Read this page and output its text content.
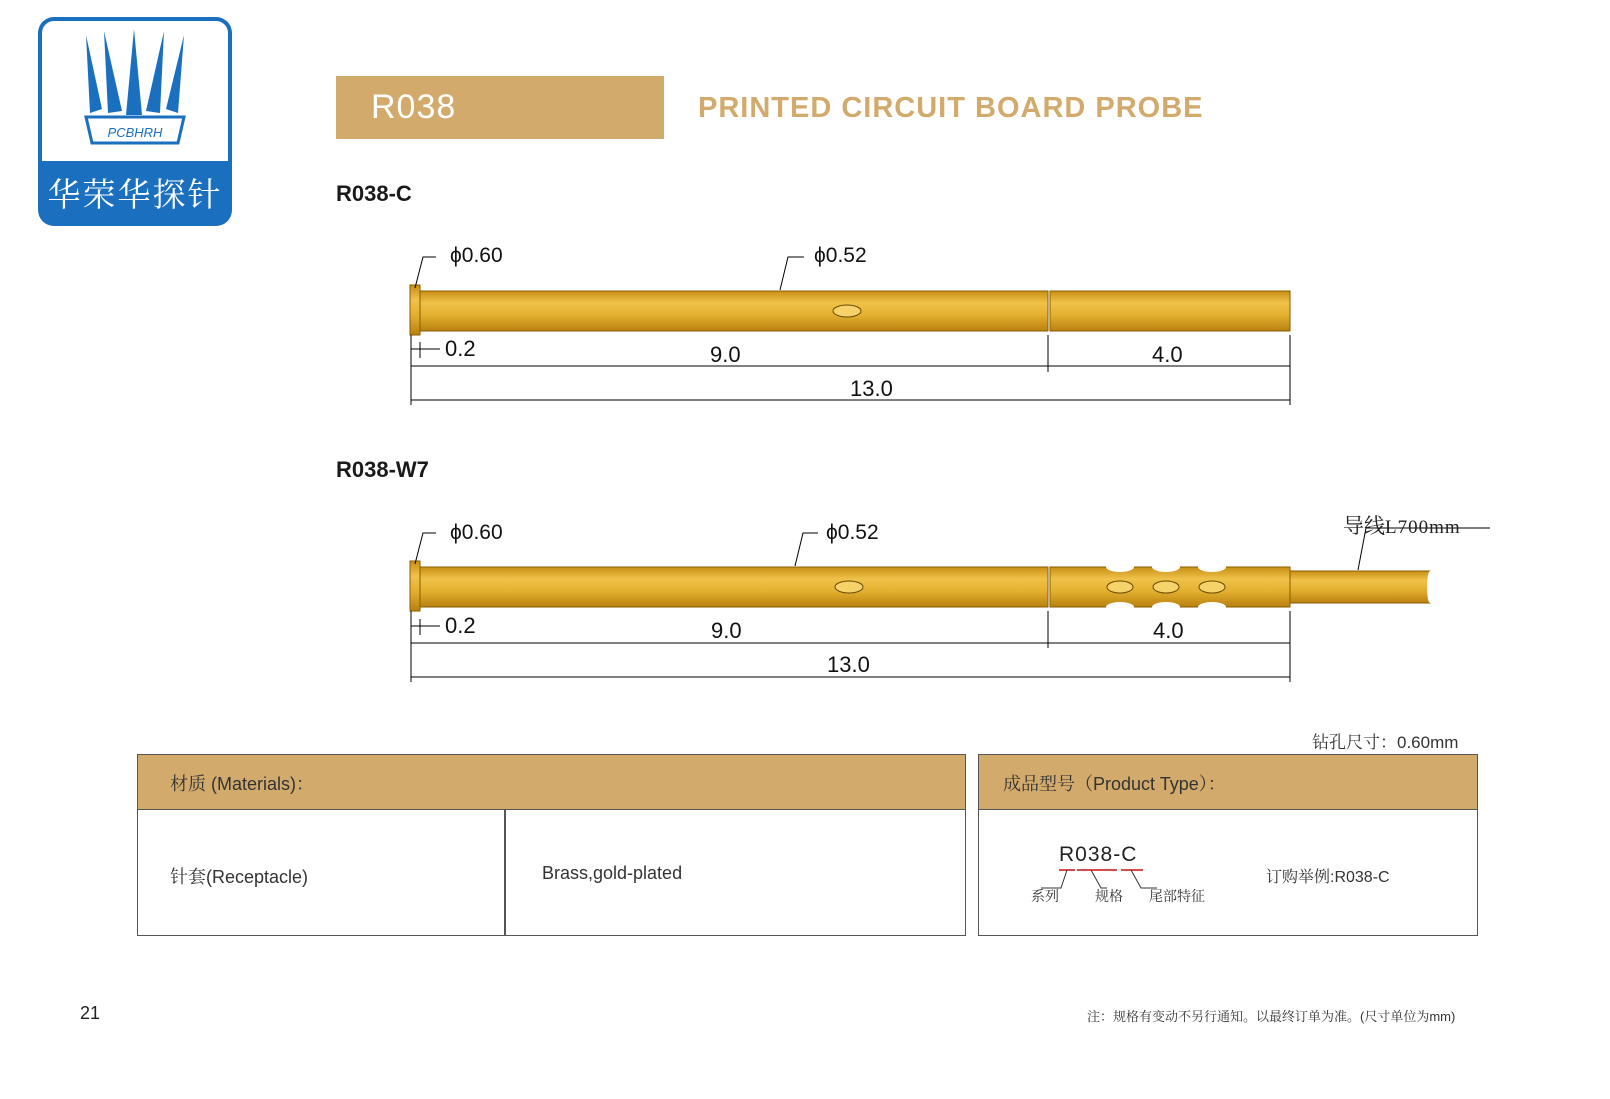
PCBHRH
华荣华探针
R038	PRINTED CIRCUIT BOARD PROBE
R038-C
ϕ0.60	ϕ0.52
0.2	9.0	4.0
13.0
R038-W7
ϕ0.60	ϕ0.52	导线L700mm
0.2	9.0	4.0
13.0
钻孔尺寸：0.60mm
材质 (Materials)：
针套(Receptacle)	Brass,gold-plated
成品型号（Product Type）：
R038-C
系列	规格 尾部特征
订购举例:R038-C
21	注：规格有变动不另行通知。以最终订单为准。(尺寸单位为mm)
